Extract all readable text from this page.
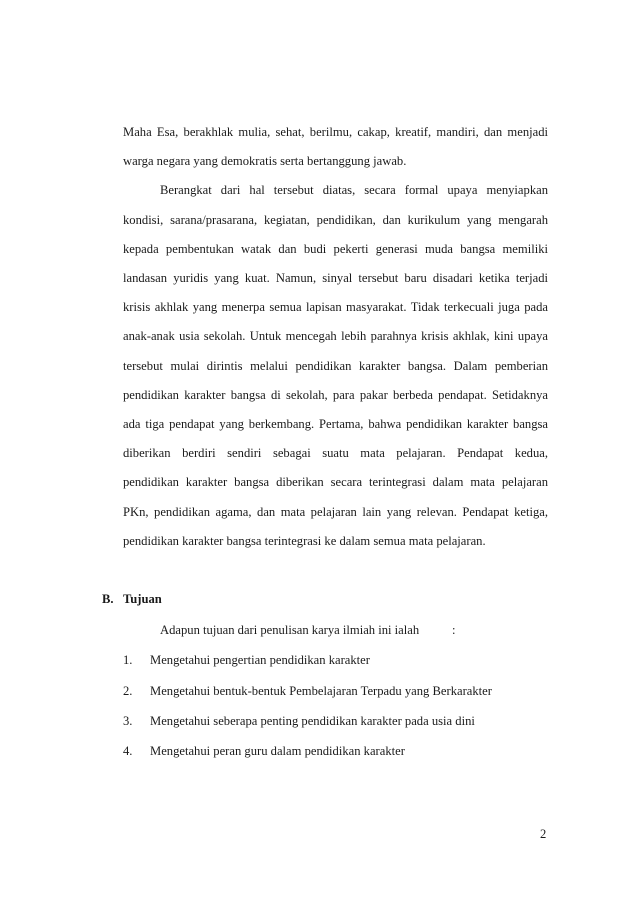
Maha Esa, berakhlak mulia, sehat, berilmu, cakap, kreatif, mandiri, dan menjadi
warga negara yang demokratis serta bertanggung jawab.
Berangkat dari hal tersebut diatas, secara formal upaya menyiapkan
kondisi, sarana/prasarana, kegiatan, pendidikan, dan kurikulum yang mengarah
kepada pembentukan watak dan budi pekerti generasi muda bangsa memiliki
landasan yuridis yang kuat. Namun, sinyal tersebut baru disadari ketika terjadi
krisis akhlak yang menerpa semua lapisan masyarakat. Tidak terkecuali juga pada
anak-anak usia sekolah. Untuk mencegah lebih parahnya krisis akhlak, kini upaya
tersebut mulai dirintis melalui pendidikan karakter bangsa. Dalam pemberian
pendidikan karakter bangsa di sekolah, para pakar berbeda pendapat. Setidaknya
ada tiga pendapat yang berkembang. Pertama, bahwa pendidikan karakter bangsa
diberikan berdiri sendiri sebagai suatu mata pelajaran. Pendapat kedua,
pendidikan karakter bangsa diberikan secara terintegrasi dalam mata pelajaran
PKn, pendidikan agama, dan mata pelajaran lain yang relevan. Pendapat ketiga,
pendidikan karakter bangsa terintegrasi ke dalam semua mata pelajaran.
B. Tujuan
Adapun tujuan dari penulisan karya ilmiah ini ialah	:
1. Mengetahui pengertian pendidikan karakter
2. Mengetahui bentuk-bentuk Pembelajaran Terpadu yang Berkarakter
3. Mengetahui seberapa penting pendidikan karakter pada usia dini
4. Mengetahui peran guru dalam pendidikan karakter
2
